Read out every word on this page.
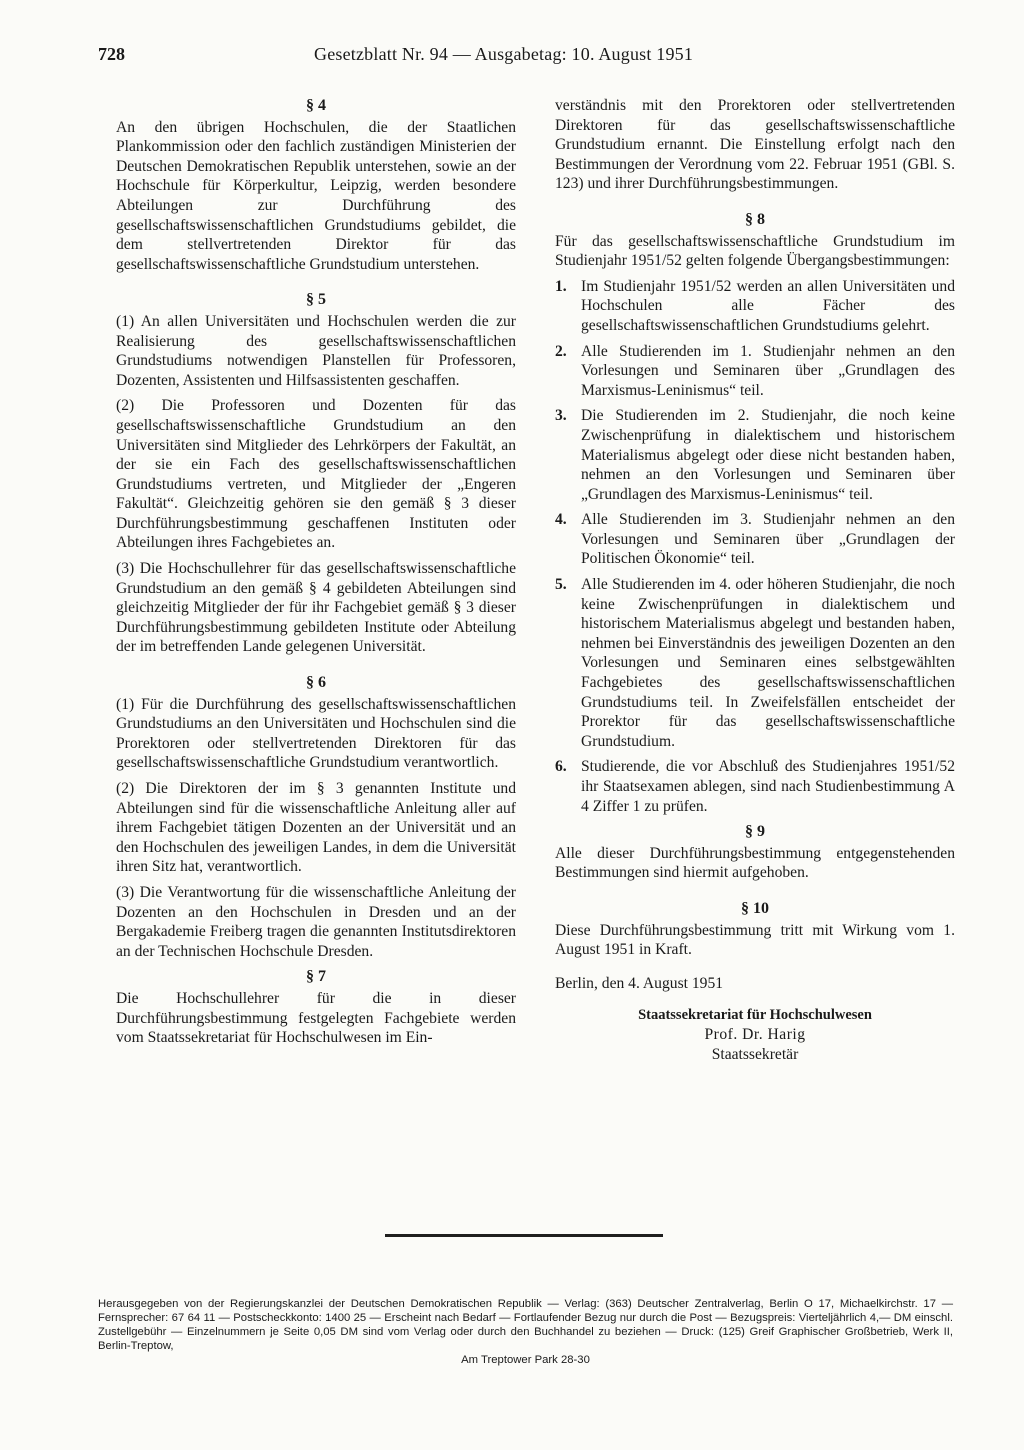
728	Gesetzblatt Nr. 94 — Ausgabetag: 10. August 1951
§ 4

An den übrigen Hochschulen, die der Staatlichen Plankommission oder den fachlich zuständigen Ministerien der Deutschen Demokratischen Republik unterstehen, sowie an der Hochschule für Körperkultur, Leipzig, werden besondere Abteilungen zur Durchführung des gesellschaftswissenschaftlichen Grundstudiums gebildet, die dem stellvertretenden Direktor für das gesellschaftswissenschaftliche Grundstudium unterstehen.

§ 5

(1) An allen Universitäten und Hochschulen werden die zur Realisierung des gesellschaftswissenschaftlichen Grundstudiums notwendigen Planstellen für Professoren, Dozenten, Assistenten und Hilfsassistenten geschaffen.

(2) Die Professoren und Dozenten für das gesellschaftswissenschaftliche Grundstudium an den Universitäten sind Mitglieder des Lehrkörpers der Fakultät, an der sie ein Fach des gesellschaftswissenschaftlichen Grundstudiums vertreten, und Mitglieder der „Engeren Fakultät“. Gleichzeitig gehören sie den gemäß § 3 dieser Durchführungsbestimmung geschaffenen Instituten oder Abteilungen ihres Fachgebietes an.

(3) Die Hochschullehrer für das gesellschaftswissenschaftliche Grundstudium an den gemäß § 4 gebildeten Abteilungen sind gleichzeitig Mitglieder der für ihr Fachgebiet gemäß § 3 dieser Durchführungsbestimmung gebildeten Institute oder Abteilung der im betreffenden Lande gelegenen Universität.

§ 6

(1) Für die Durchführung des gesellschaftswissenschaftlichen Grundstudiums an den Universitäten und Hochschulen sind die Prorektoren oder stellvertretenden Direktoren für das gesellschaftswissenschaftliche Grundstudium verantwortlich.

(2) Die Direktoren der im § 3 genannten Institute und Abteilungen sind für die wissenschaftliche Anleitung aller auf ihrem Fachgebiet tätigen Dozenten an der Universität und an den Hochschulen des jeweiligen Landes, in dem die Universität ihren Sitz hat, verantwortlich.

(3) Die Verantwortung für die wissenschaftliche Anleitung der Dozenten an den Hochschulen in Dresden und an der Bergakademie Freiberg tragen die genannten Institutsdirektoren an der Technischen Hochschule Dresden.

§ 7

Die Hochschullehrer für die in dieser Durchführungsbestimmung festgelegten Fachgebiete werden vom Staatssekretariat für Hochschulwesen im Ein-

verständnis mit den Prorektoren oder stellvertretenden Direktoren für das gesellschaftswissenschaftliche Grundstudium ernannt. Die Einstellung erfolgt nach den Bestimmungen der Verordnung vom 22. Februar 1951 (GBl. S. 123) und ihrer Durchführungsbestimmungen.

§ 8

Für das gesellschaftswissenschaftliche Grundstudium im Studienjahr 1951/52 gelten folgende Übergangsbestimmungen:

1. Im Studienjahr 1951/52 werden an allen Universitäten und Hochschulen alle Fächer des gesellschaftswissenschaftlichen Grundstudiums gelehrt.
2. Alle Studierenden im 1. Studienjahr nehmen an den Vorlesungen und Seminaren über „Grundlagen des Marxismus-Leninismus“ teil.
3. Die Studierenden im 2. Studienjahr, die noch keine Zwischenprüfung in dialektischem und historischem Materialismus abgelegt oder diese nicht bestanden haben, nehmen an den Vorlesungen und Seminaren über „Grundlagen des Marxismus-Leninismus“ teil.
4. Alle Studierenden im 3. Studienjahr nehmen an den Vorlesungen und Seminaren über „Grundlagen der Politischen Ökonomie“ teil.
5. Alle Studierenden im 4. oder höheren Studienjahr, die noch keine Zwischenprüfungen in dialektischem und historischem Materialismus abgelegt und bestanden haben, nehmen bei Einverständnis des jeweiligen Dozenten an den Vorlesungen und Seminaren eines selbstgewählten Fachgebietes des gesellschaftswissenschaftlichen Grundstudiums teil. In Zweifelsfällen entscheidet der Prorektor für das gesellschaftswissenschaftliche Grundstudium.
6. Studierende, die vor Abschluß des Studienjahres 1951/52 ihr Staatsexamen ablegen, sind nach Studienbestimmung A 4 Ziffer 1 zu prüfen.
§ 9

Alle dieser Durchführungsbestimmung entgegenstehenden Bestimmungen sind hiermit aufgehoben.

§ 10

Diese Durchführungsbestimmung tritt mit Wirkung vom 1. August 1951 in Kraft.

Berlin, den 4. August 1951
Staatssekretariat für Hochschulwesen
Prof. Dr. Harig
Staatssekretär
Herausgegeben von der Regierungskanzlei der Deutschen Demokratischen Republik — Verlag: (363) Deutscher Zentralverlag, Berlin O 17, Michaelkirchstr. 17 — Fernsprecher: 67 64 11 — Postscheckkonto: 1400 25 — Erscheint nach Bedarf — Fortlaufender Bezug nur durch die Post — Bezugspreis: Vierteljährlich 4,— DM einschl. Zustellgebühr — Einzelnummern je Seite 0,05 DM sind vom Verlag oder durch den Buchhandel zu beziehen — Druck: (125) Greif Graphischer Großbetrieb, Werk II, Berlin-Treptow,
Am Treptower Park 28-30
